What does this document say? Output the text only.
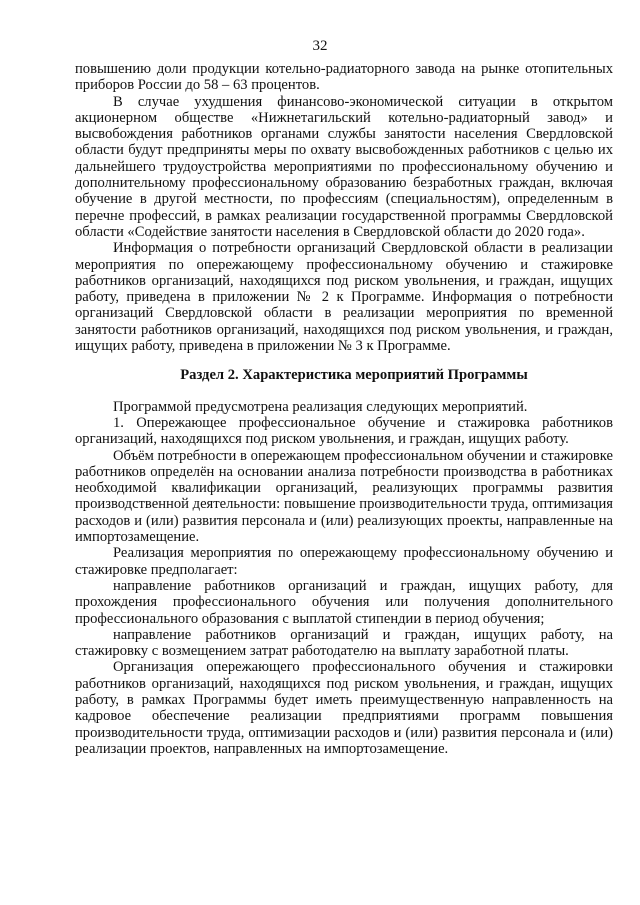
32

повышению доли продукции котельно-радиаторного завода на рынке отопительных приборов России до 58 – 63 процентов.

В случае ухудшения финансово-экономической ситуации в открытом акционерном обществе «Нижнетагильский котельно-радиаторный завод» и высвобождения работников органами службы занятости населения Свердловской области будут предприняты меры по охвату высвобожденных работников с целью их дальнейшего трудоустройства мероприятиями по профессиональному обучению и дополнительному профессиональному образованию безработных граждан, включая обучение в другой местности, по профессиям (специальностям), определенным в перечне профессий, в рамках реализации государственной программы Свердловской области «Содействие занятости населения в Свердловской области до 2020 года».

Информация о потребности организаций Свердловской области в реализации мероприятия по опережающему профессиональному обучению и стажировке работников организаций, находящихся под риском увольнения, и граждан, ищущих работу, приведена в приложении № 2 к Программе. Информация о потребности организаций Свердловской области в реализации мероприятия по временной занятости работников организаций, находящихся под риском увольнения, и граждан, ищущих работу, приведена в приложении № 3 к Программе.

Раздел 2. Характеристика мероприятий Программы

Программой предусмотрена реализация следующих мероприятий.

1. Опережающее профессиональное обучение и стажировка работников организаций, находящихся под риском увольнения, и граждан, ищущих работу.

Объём потребности в опережающем профессиональном обучении и стажировке работников определён на основании анализа потребности производства в работниках необходимой квалификации организаций, реализующих программы развития производственной деятельности: повышение производительности труда, оптимизация расходов и (или) развития персонала и (или) реализующих проекты, направленные на импортозамещение.

Реализация мероприятия по опережающему профессиональному обучению и стажировке предполагает:

направление работников организаций и граждан, ищущих работу, для прохождения профессионального обучения или получения дополнительного профессионального образования с выплатой стипендии в период обучения;

направление работников организаций и граждан, ищущих работу, на стажировку с возмещением затрат работодателю на выплату заработной платы.

Организация опережающего профессионального обучения и стажировки работников организаций, находящихся под риском увольнения, и граждан, ищущих работу, в рамках Программы будет иметь преимущественную направленность на кадровое обеспечение реализации предприятиями программ повышения производительности труда, оптимизации расходов и (или) развития персонала и (или) реализации проектов, направленных на импортозамещение.
